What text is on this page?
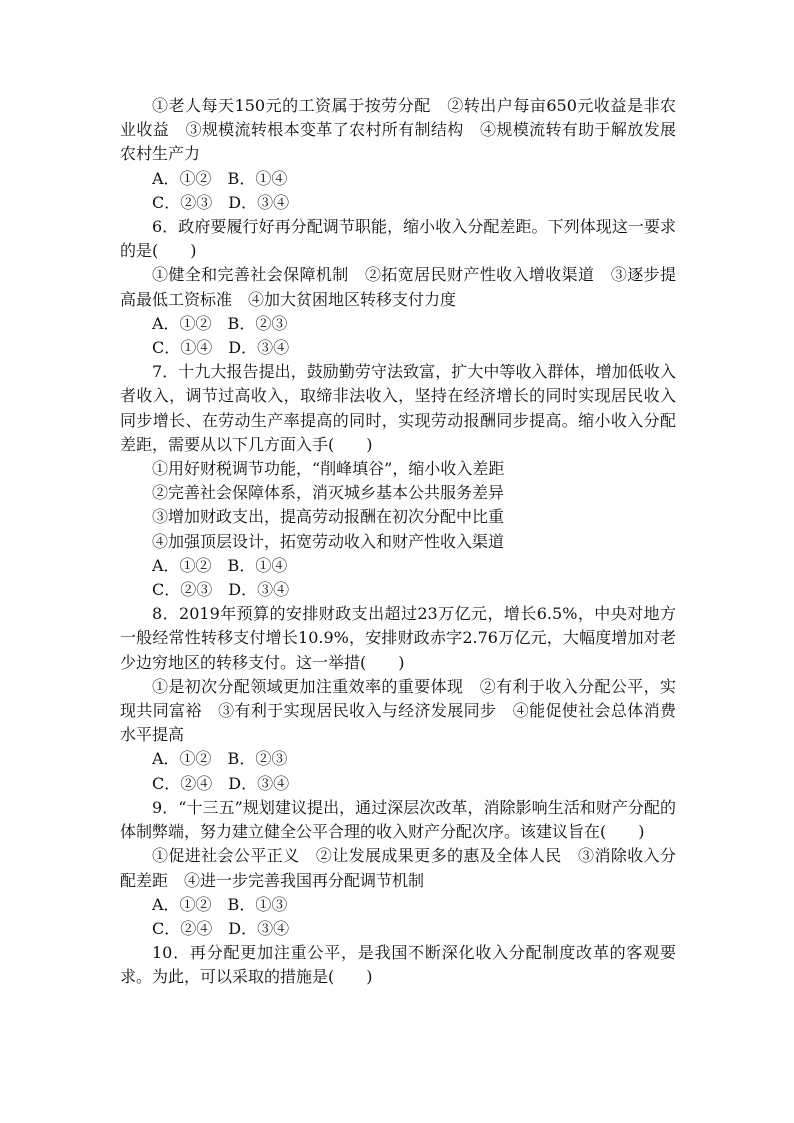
①老人每天150元的工资属于按劳分配　②转出户每亩650元收益是非农业收益　③规模流转根本变革了农村所有制结构　④规模流转有助于解放发展农村生产力

A．①②　B．①④

C．②③　D．③④

6．政府要履行好再分配调节职能，缩小收入分配差距。下列体现这一要求的是(　　)

①健全和完善社会保障机制　②拓宽居民财产性收入增收渠道　③逐步提高最低工资标准　④加大贫困地区转移支付力度

A．①②　B．②③

C．①④　D．③④

7．十九大报告提出，鼓励勤劳守法致富，扩大中等收入群体，增加低收入者收入，调节过高收入，取缔非法收入，坚持在经济增长的同时实现居民收入同步增长、在劳动生产率提高的同时，实现劳动报酬同步提高。缩小收入分配差距，需要从以下几方面入手(　　)

①用好财税调节功能，“削峰填谷”，缩小收入差距

②完善社会保障体系，消灭城乡基本公共服务差异

③增加财政支出，提高劳动报酬在初次分配中比重

④加强顶层设计，拓宽劳动收入和财产性收入渠道

A．①②　B．①④

C．②③　D．③④

8．2019年预算的安排财政支出超过23万亿元，增长6.5%，中央对地方一般经常性转移支付增长10.9%，安排财政赤字2.76万亿元，大幅度增加对老少边穷地区的转移支付。这一举措(　　)

①是初次分配领域更加注重效率的重要体现　②有利于收入分配公平，实现共同富裕　③有利于实现居民收入与经济发展同步　④能促使社会总体消费水平提高

A．①②　B．②③

C．②④　D．③④

9．“十三五”规划建议提出，通过深层次改革，消除影响生活和财产分配的体制弊端，努力建立健全公平合理的收入财产分配次序。该建议旨在(　　)

①促进社会公平正义　②让发展成果更多的惠及全体人民　③消除收入分配差距　④进一步完善我国再分配调节机制

A．①②　B．①③

C．②④　D．③④

10．再分配更加注重公平，是我国不断深化收入分配制度改革的客观要求。为此，可以采取的措施是(　　)
